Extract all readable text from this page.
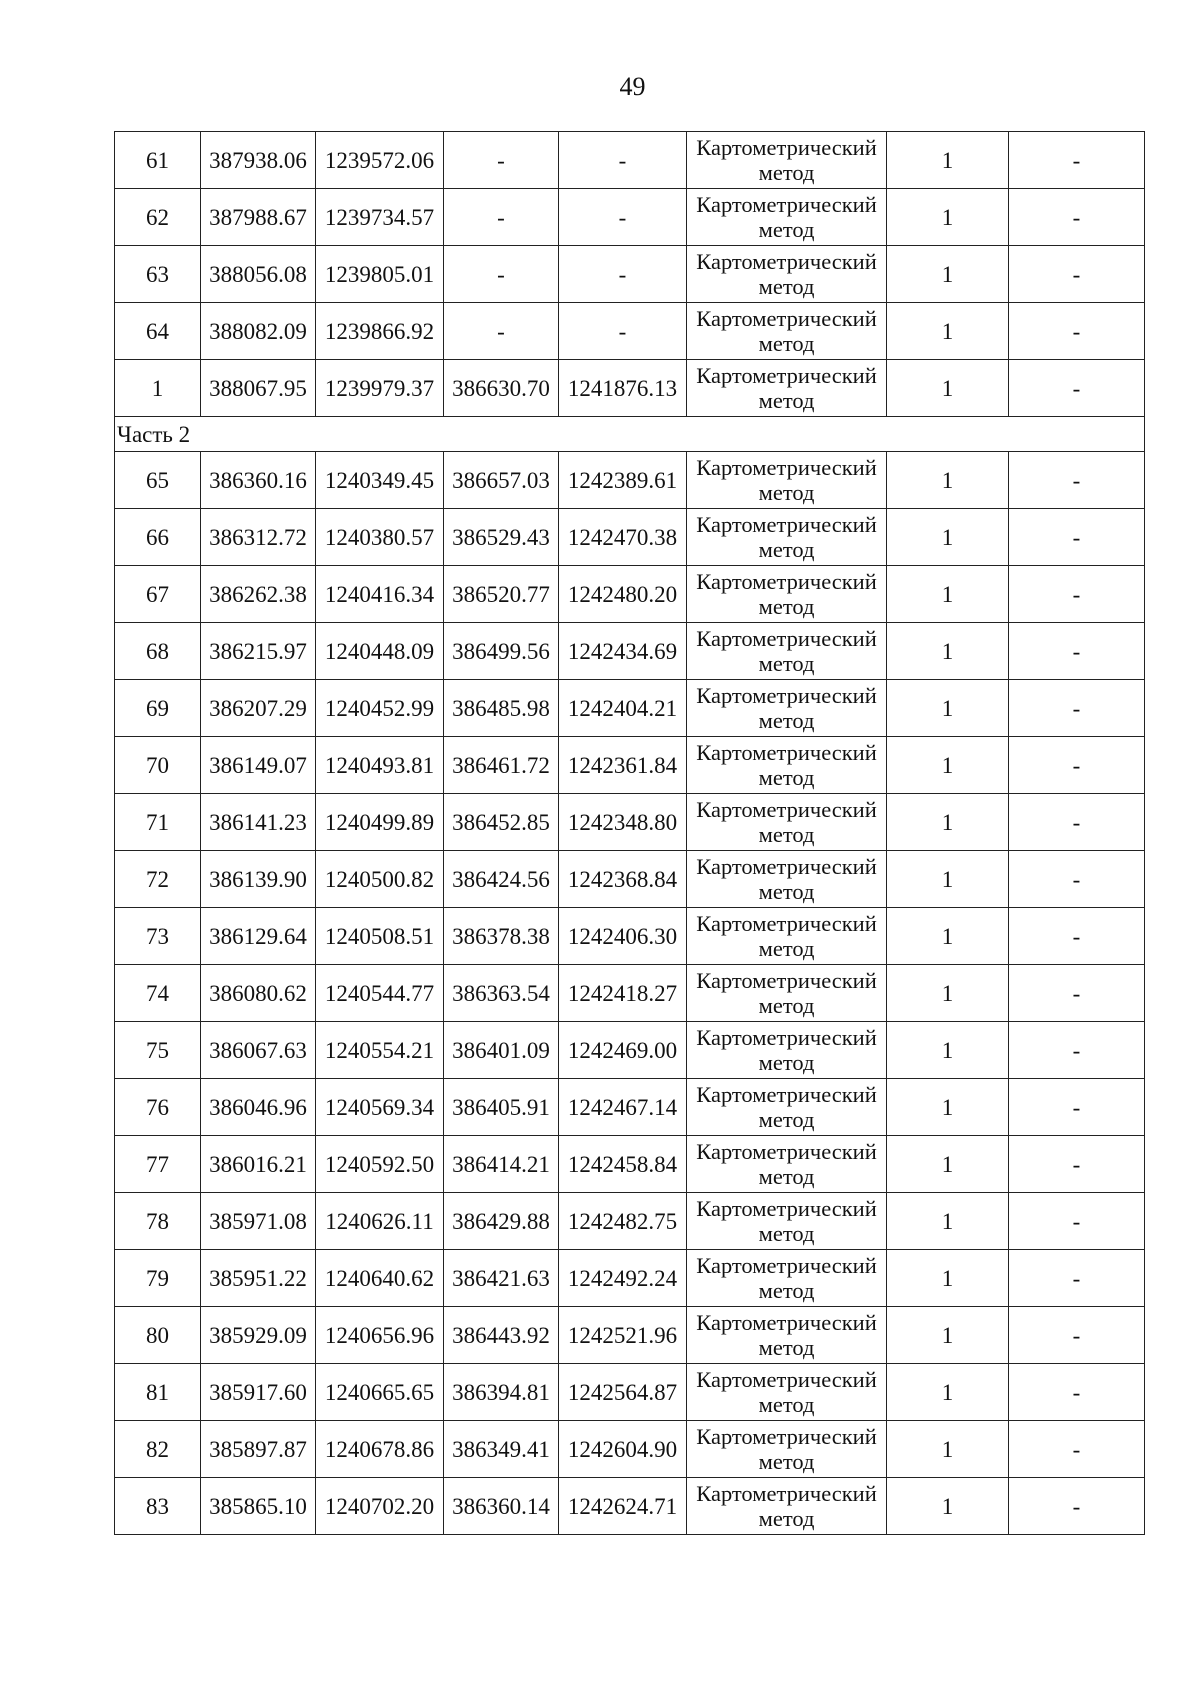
49
61	387938.06	1239572.06	-	-	Картометрический метод	1	-
62	387988.67	1239734.57	-	-	Картометрический метод	1	-
63	388056.08	1239805.01	-	-	Картометрический метод	1	-
64	388082.09	1239866.92	-	-	Картометрический метод	1	-
1	388067.95	1239979.37	386630.70	1241876.13	Картометрический метод	1	-
Часть 2							
65	386360.16	1240349.45	386657.03	1242389.61	Картометрический метод	1	-
66	386312.72	1240380.57	386529.43	1242470.38	Картометрический метод	1	-
67	386262.38	1240416.34	386520.77	1242480.20	Картометрический метод	1	-
68	386215.97	1240448.09	386499.56	1242434.69	Картометрический метод	1	-
69	386207.29	1240452.99	386485.98	1242404.21	Картометрический метод	1	-
70	386149.07	1240493.81	386461.72	1242361.84	Картометрический метод	1	-
71	386141.23	1240499.89	386452.85	1242348.80	Картометрический метод	1	-
72	386139.90	1240500.82	386424.56	1242368.84	Картометрический метод	1	-
73	386129.64	1240508.51	386378.38	1242406.30	Картометрический метод	1	-
74	386080.62	1240544.77	386363.54	1242418.27	Картометрический метод	1	-
75	386067.63	1240554.21	386401.09	1242469.00	Картометрический метод	1	-
76	386046.96	1240569.34	386405.91	1242467.14	Картометрический метод	1	-
77	386016.21	1240592.50	386414.21	1242458.84	Картометрический метод	1	-
78	385971.08	1240626.11	386429.88	1242482.75	Картометрический метод	1	-
79	385951.22	1240640.62	386421.63	1242492.24	Картометрический метод	1	-
80	385929.09	1240656.96	386443.92	1242521.96	Картометрический метод	1	-
81	385917.60	1240665.65	386394.81	1242564.87	Картометрический метод	1	-
82	385897.87	1240678.86	386349.41	1242604.90	Картометрический метод	1	-
83	385865.10	1240702.20	386360.14	1242624.71	Картометрический метод	1	-
